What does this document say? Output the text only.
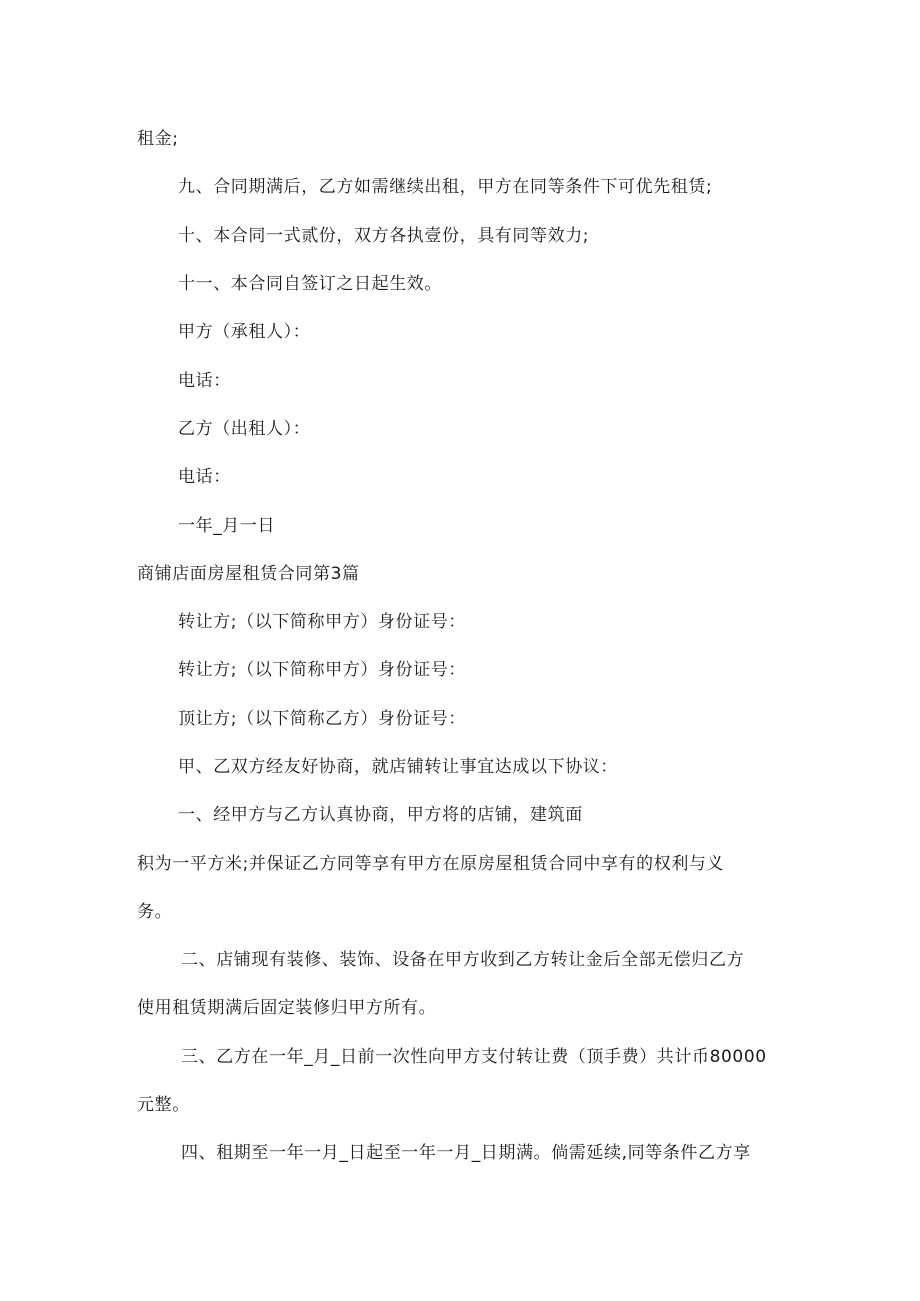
租金;
九、合同期满后，乙方如需继续出租，甲方在同等条件下可优先租赁;
十、本合同一式贰份，双方各执壹份，具有同等效力;
十一、本合同自签订之日起生效。
甲方（承租人）：
电话：
乙方（出租人）：
电话：
一年_月一日
商铺店面房屋租赁合同第3篇
转让方;（以下简称甲方）身份证号：
转让方;（以下简称甲方）身份证号：
顶让方;（以下简称乙方）身份证号：
甲、乙双方经友好协商，就店铺转让事宜达成以下协议：
一、经甲方与乙方认真协商，甲方将的店铺，建筑面
积为一平方米;并保证乙方同等享有甲方在原房屋租赁合同中享有的权利与义
务。
二、店铺现有装修、装饰、设备在甲方收到乙方转让金后全部无偿归乙方
使用租赁期满后固定装修归甲方所有。
三、乙方在一年_月_日前一次性向甲方支付转让费（顶手费）共计币80000
元整。
四、租期至一年一月_日起至一年一月_日期满。倘需延续,同等条件乙方享
